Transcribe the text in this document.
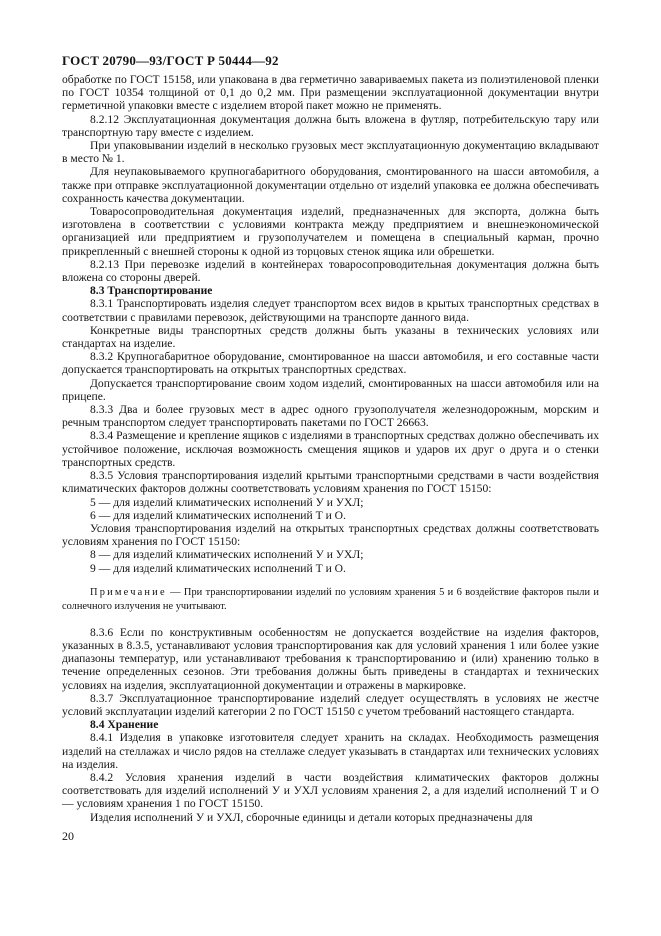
ГОСТ 20790—93/ГОСТ Р 50444—92

обработке по ГОСТ 15158, или упакована в два герметично завариваемых пакета из полиэтиленовой пленки по ГОСТ 10354 толщиной от 0,1 до 0,2 мм. При размещении эксплуатационной документации внутри герметичной упаковки вместе с изделием второй пакет можно не применять.

8.2.12 Эксплуатационная документация должна быть вложена в футляр, потребительскую тару или транспортную тару вместе с изделием.

При упаковывании изделий в несколько грузовых мест эксплуатационную документацию вкладывают в место № 1.

Для неупаковываемого крупногабаритного оборудования, смонтированного на шасси автомобиля, а также при отправке эксплуатационной документации отдельно от изделий упаковка ее должна обеспечивать сохранность качества документации.

Товаросопроводительная документация изделий, предназначенных для экспорта, должна быть изготовлена в соответствии с условиями контракта между предприятием и внешнеэкономической организацией или предприятием и грузополучателем и помещена в специальный карман, прочно прикрепленный с внешней стороны к одной из торцовых стенок ящика или обрешетки.

8.2.13 При перевозке изделий в контейнерах товаросопроводительная документация должна быть вложена со стороны дверей.

8.3 Транспортирование

8.3.1 Транспортировать изделия следует транспортом всех видов в крытых транспортных средствах в соответствии с правилами перевозок, действующими на транспорте данного вида.

Конкретные виды транспортных средств должны быть указаны в технических условиях или стандартах на изделие.

8.3.2 Крупногабаритное оборудование, смонтированное на шасси автомобиля, и его составные части допускается транспортировать на открытых транспортных средствах.

Допускается транспортирование своим ходом изделий, смонтированных на шасси автомобиля или на прицепе.

8.3.3 Два и более грузовых мест в адрес одного грузополучателя железнодорожным, морским и речным транспортом следует транспортировать пакетами по ГОСТ 26663.

8.3.4 Размещение и крепление ящиков с изделиями в транспортных средствах должно обеспечивать их устойчивое положение, исключая возможность смещения ящиков и ударов их друг о друга и о стенки транспортных средств.

8.3.5 Условия транспортирования изделий крытыми транспортными средствами в части воздействия климатических факторов должны соответствовать условиям хранения по ГОСТ 15150:

5 — для изделий климатических исполнений У и УХЛ;

6 — для изделий климатических исполнений Т и О.

Условия транспортирования изделий на открытых транспортных средствах должны соответствовать условиям хранения по ГОСТ 15150:

8 — для изделий климатических исполнений У и УХЛ;

9 — для изделий климатических исполнений Т и О.

Примечание — При транспортировании изделий по условиям хранения 5 и 6 воздействие факторов пыли и солнечного излучения не учитывают.

8.3.6 Если по конструктивным особенностям не допускается воздействие на изделия факторов, указанных в 8.3.5, устанавливают условия транспортирования как для условий хранения 1 или более узкие диапазоны температур, или устанавливают требования к транспортированию и (или) хранению только в течение определенных сезонов. Эти требования должны быть приведены в стандартах и технических условиях на изделия, эксплуатационной документации и отражены в маркировке.

8.3.7 Эксплуатационное транспортирование изделий следует осуществлять в условиях не жестче условий эксплуатации изделий категории 2 по ГОСТ 15150 с учетом требований настоящего стандарта.

8.4 Хранение

8.4.1 Изделия в упаковке изготовителя следует хранить на складах. Необходимость размещения изделий на стеллажах и число рядов на стеллаже следует указывать в стандартах или технических условиях на изделия.

8.4.2 Условия хранения изделий в части воздействия климатических факторов должны соответствовать для изделий исполнений У и УХЛ условиям хранения 2, а для изделий исполнений Т и О — условиям хранения 1 по ГОСТ 15150.

Изделия исполнений У и УХЛ, сборочные единицы и детали которых предназначены для

20
